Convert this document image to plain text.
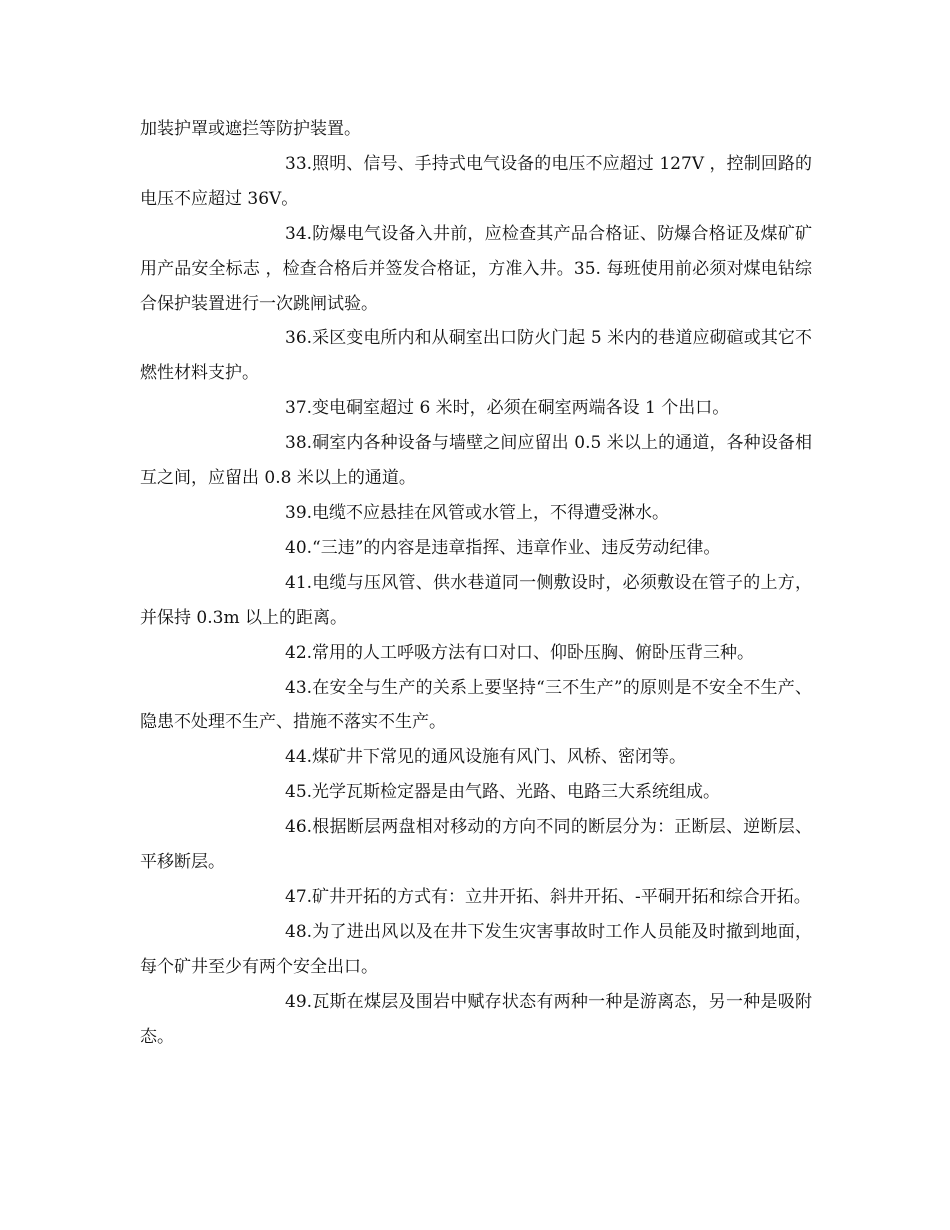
加装护罩或遮拦等防护装置。

33.照明、信号、手持式电气设备的电压不应超过 127V ，控制回路的电压不应超过 36V。

34.防爆电气设备入井前，应检查其产品合格证、防爆合格证及煤矿矿用产品安全标志 ，检查合格后并签发合格证，方准入井。35. 每班使用前必须对煤电钻综合保护装置进行一次跳闸试验。

36.采区变电所内和从硐室出口防火门起 5 米内的巷道应砌碹或其它不燃性材料支护。

37.变电硐室超过 6 米时，必须在硐室两端各设 1 个出口。

38.硐室内各种设备与墙壁之间应留出 0.5 米以上的通道，各种设备相互之间，应留出 0.8 米以上的通道。

39.电缆不应悬挂在风管或水管上，不得遭受淋水。

40.“三违”的内容是违章指挥、违章作业、违反劳动纪律。

41.电缆与压风管、供水巷道同一侧敷设时，必须敷设在管子的上方，并保持 0.3m 以上的距离。

42.常用的人工呼吸方法有口对口、仰卧压胸、俯卧压背三种。

43.在安全与生产的关系上要坚持“三不生产”的原则是不安全不生产、隐患不处理不生产、措施不落实不生产。

44.煤矿井下常见的通风设施有风门、风桥、密闭等。

45.光学瓦斯检定器是由气路、光路、电路三大系统组成。

46.根据断层两盘相对移动的方向不同的断层分为：正断层、逆断层、平移断层。

47.矿井开拓的方式有：立井开拓、斜井开拓、-平硐开拓和综合开拓。

48.为了进出风以及在井下发生灾害事故时工作人员能及时撤到地面，每个矿井至少有两个安全出口。

49.瓦斯在煤层及围岩中赋存状态有两种一种是游离态，另一种是吸附态。
